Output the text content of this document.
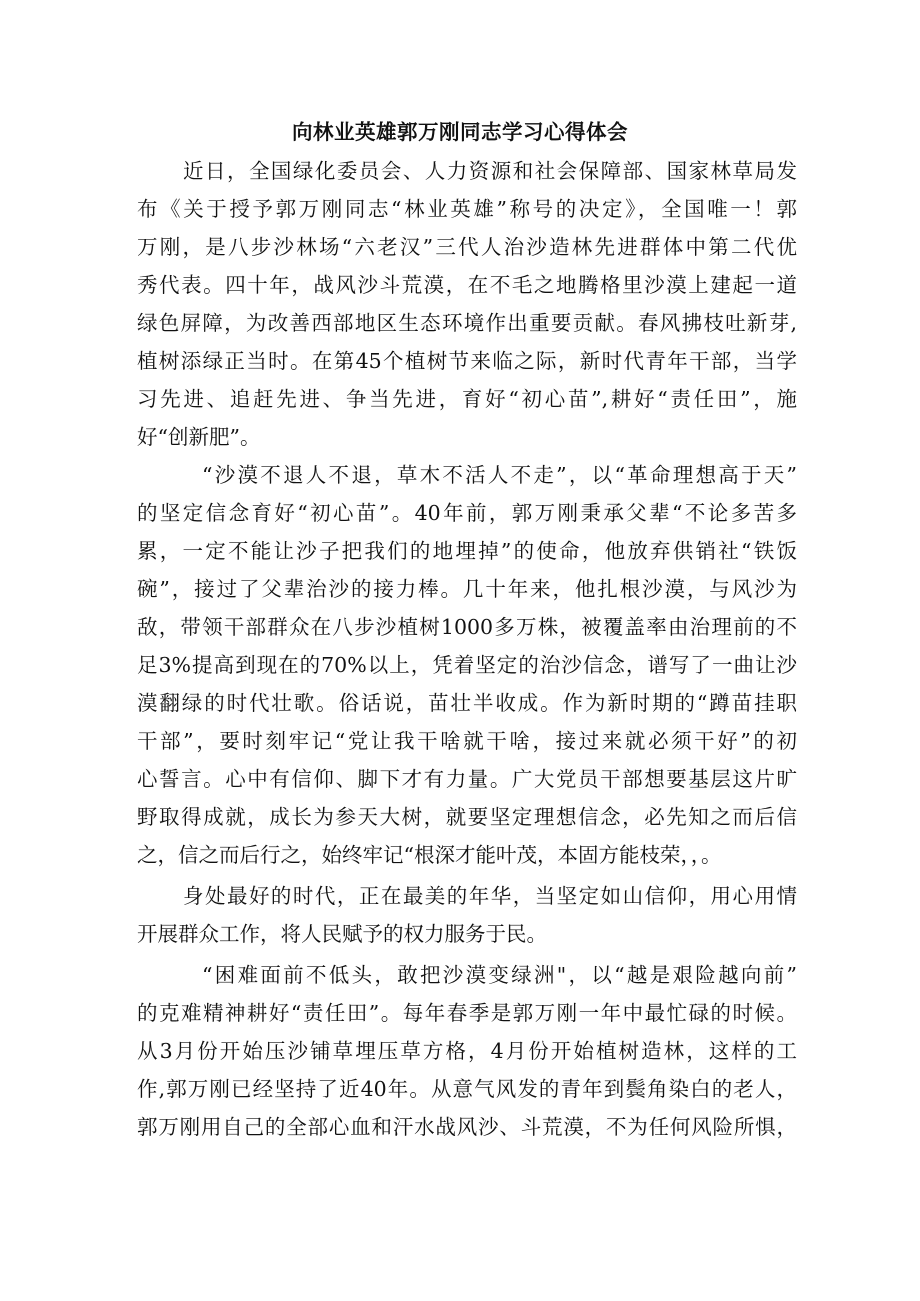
向林业英雄郭万刚同志学习心得体会

近日，全国绿化委员会、人力资源和社会保障部、国家林草局发

布《关于授予郭万刚同志“林业英雄”称号的决定》，全国唯一！郭

万刚，是八步沙林场“六老汉”三代人治沙造林先进群体中第二代优

秀代表。四十年，战风沙斗荒漠，在不毛之地腾格里沙漠上建起一道

绿色屏障，为改善西部地区生态环境作出重要贡献。春风拂枝吐新芽,

植树添绿正当时。在第45个植树节来临之际，新时代青年干部，当学

习先进、追赶先进、争当先进，育好“初心苗”,耕好“责任田”，施

好“创新肥”。

“沙漠不退人不退，草木不活人不走”，以“革命理想高于天”

的坚定信念育好“初心苗”。40年前，郭万刚秉承父辈“不论多苦多

累，一定不能让沙子把我们的地埋掉”的使命，他放弃供销社“铁饭

碗”，接过了父辈治沙的接力棒。几十年来，他扎根沙漠，与风沙为

敌，带领干部群众在八步沙植树1000多万株，被覆盖率由治理前的不

足3%提高到现在的70%以上，凭着坚定的治沙信念，谱写了一曲让沙

漠翻绿的时代壮歌。俗话说，苗壮半收成。作为新时期的“蹲苗挂职

干部”，要时刻牢记“党让我干啥就干啥，接过来就必须干好”的初

心誓言。心中有信仰、脚下才有力量。广大党员干部想要基层这片旷

野取得成就，成长为参天大树，就要坚定理想信念，必先知之而后信

之，信之而后行之，始终牢记“根深才能叶茂，本固方能枝荣，，。

身处最好的时代，正在最美的年华，当坚定如山信仰，用心用情

开展群众工作，将人民赋予的权力服务于民。

“困难面前不低头，敢把沙漠变绿洲"，以“越是艰险越向前”

的克难精神耕好“责任田”。每年春季是郭万刚一年中最忙碌的时候。

从3月份开始压沙铺草埋压草方格，4月份开始植树造林，这样的工

作,郭万刚已经坚持了近40年。从意气风发的青年到鬓角染白的老人，

郭万刚用自己的全部心血和汗水战风沙、斗荒漠，不为任何风险所惧，
